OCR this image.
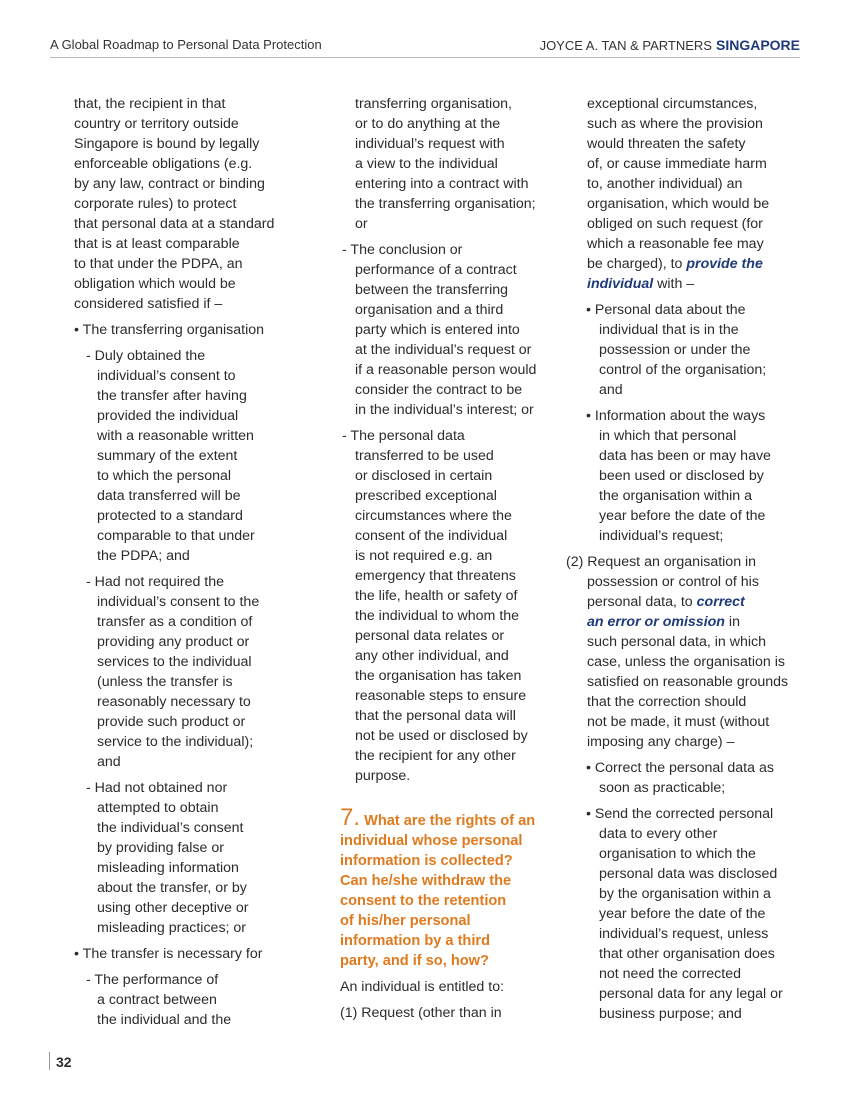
A Global Roadmap to Personal Data Protection	JOYCE A. TAN & PARTNERS SINGAPORE
that, the recipient in that
country or territory outside
Singapore is bound by legally
enforceable obligations (e.g.
by any law, contract or binding
corporate rules) to protect
that personal data at a standard
that is at least comparable
to that under the PDPA, an
obligation which would be
considered satisfied if –
• The transferring organisation
- Duly obtained the
individual’s consent to
the transfer after having
provided the individual
with a reasonable written
summary of the extent
to which the personal
data transferred will be
protected to a standard
comparable to that under
the PDPA; and
- Had not required the
individual’s consent to the
transfer as a condition of
providing any product or
services to the individual
(unless the transfer is
reasonably necessary to
provide such product or
service to the individual);
and
- Had not obtained nor
attempted to obtain
the individual’s consent
by providing false or
misleading information
about the transfer, or by
using other deceptive or
misleading practices; or
• The transfer is necessary for
- The performance of
a contract between
the individual and the
transferring organisation,
or to do anything at the
individual’s request with
a view to the individual
entering into a contract with
the transferring organisation;
or
- The conclusion or
performance of a contract
between the transferring
organisation and a third
party which is entered into
at the individual’s request or
if a reasonable person would
consider the contract to be
in the individual’s interest; or
- The personal data
transferred to be used
or disclosed in certain
prescribed exceptional
circumstances where the
consent of the individual
is not required e.g. an
emergency that threatens
the life, health or safety of
the individual to whom the
personal data relates or
any other individual, and
the organisation has taken
reasonable steps to ensure
that the personal data will
not be used or disclosed by
the recipient for any other
purpose.
7. What are the rights of an
individual whose personal
information is collected?
Can he/she withdraw the
consent to the retention
of his/her personal
information by a third
party, and if so, how?
An individual is entitled to:
(1) Request (other than in
exceptional circumstances,
such as where the provision
would threaten the safety
of, or cause immediate harm
to, another individual) an
organisation, which would be
obliged on such request (for
which a reasonable fee may
be charged), to provide the
individual with –
• Personal data about the
individual that is in the
possession or under the
control of the organisation;
and
• Information about the ways
in which that personal
data has been or may have
been used or disclosed by
the organisation within a
year before the date of the
individual’s request;
(2) Request an organisation in
possession or control of his
personal data, to correct
an error or omission in
such personal data, in which
case, unless the organisation is
satisfied on reasonable grounds
that the correction should
not be made, it must (without
imposing any charge) –
• Correct the personal data as
soon as practicable;
• Send the corrected personal
data to every other
organisation to which the
personal data was disclosed
by the organisation within a
year before the date of the
individual’s request, unless
that other organisation does
not need the corrected
personal data for any legal or
business purpose; and
32
